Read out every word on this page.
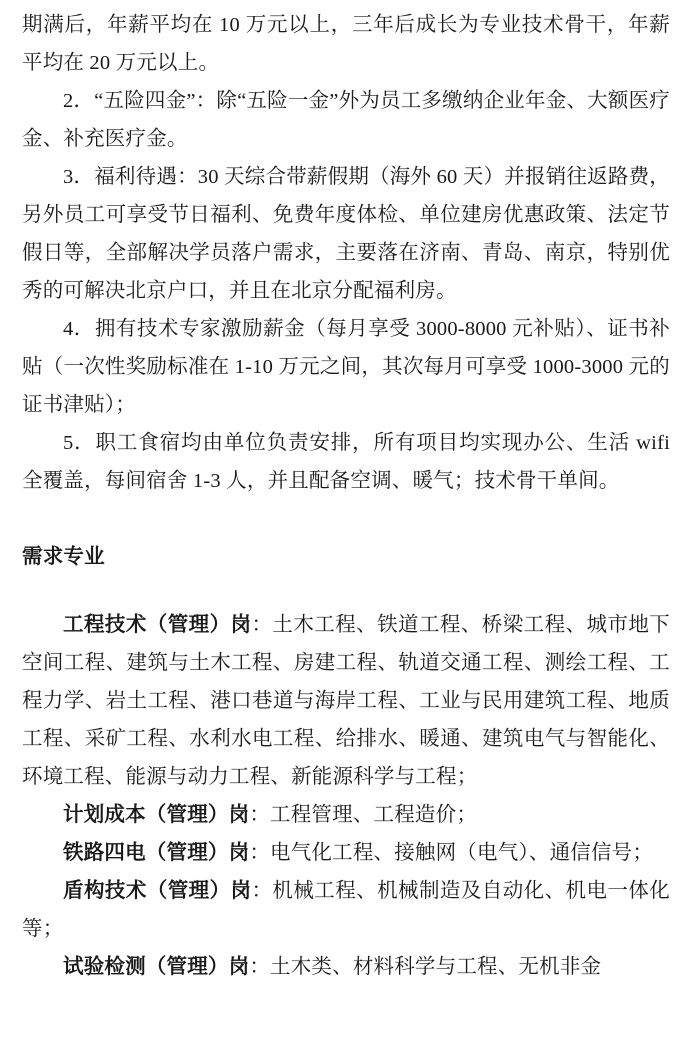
期满后，年薪平均在 10 万元以上，三年后成长为专业技术骨干，年薪平均在 20 万元以上。

2．“五险四金”：除“五险一金”外为员工多缴纳企业年金、大额医疗金、补充医疗金。

3．福利待遇：30 天综合带薪假期（海外 60 天）并报销往返路费，另外员工可享受节日福利、免费年度体检、单位建房优惠政策、法定节假日等，全部解决学员落户需求，主要落在济南、青岛、南京，特别优秀的可解决北京户口，并且在北京分配福利房。

4．拥有技术专家激励薪金（每月享受 3000-8000 元补贴）、证书补贴（一次性奖励标准在 1-10 万元之间，其次每月可享受 1000-3000 元的证书津贴）；

5．职工食宿均由单位负责安排，所有项目均实现办公、生活 wifi 全覆盖，每间宿舍 1-3 人，并且配备空调、暖气；技术骨干单间。

需求专业

工程技术（管理）岗：土木工程、铁道工程、桥梁工程、城市地下空间工程、建筑与土木工程、房建工程、轨道交通工程、测绘工程、工程力学、岩土工程、港口巷道与海岸工程、工业与民用建筑工程、地质工程、采矿工程、水利水电工程、给排水、暖通、建筑电气与智能化、环境工程、能源与动力工程、新能源科学与工程；

计划成本（管理）岗：工程管理、工程造价；

铁路四电（管理）岗：电气化工程、接触网（电气）、通信信号；

盾构技术（管理）岗：机械工程、机械制造及自动化、机电一体化等；

试验检测（管理）岗：土木类、材料科学与工程、无机非金
